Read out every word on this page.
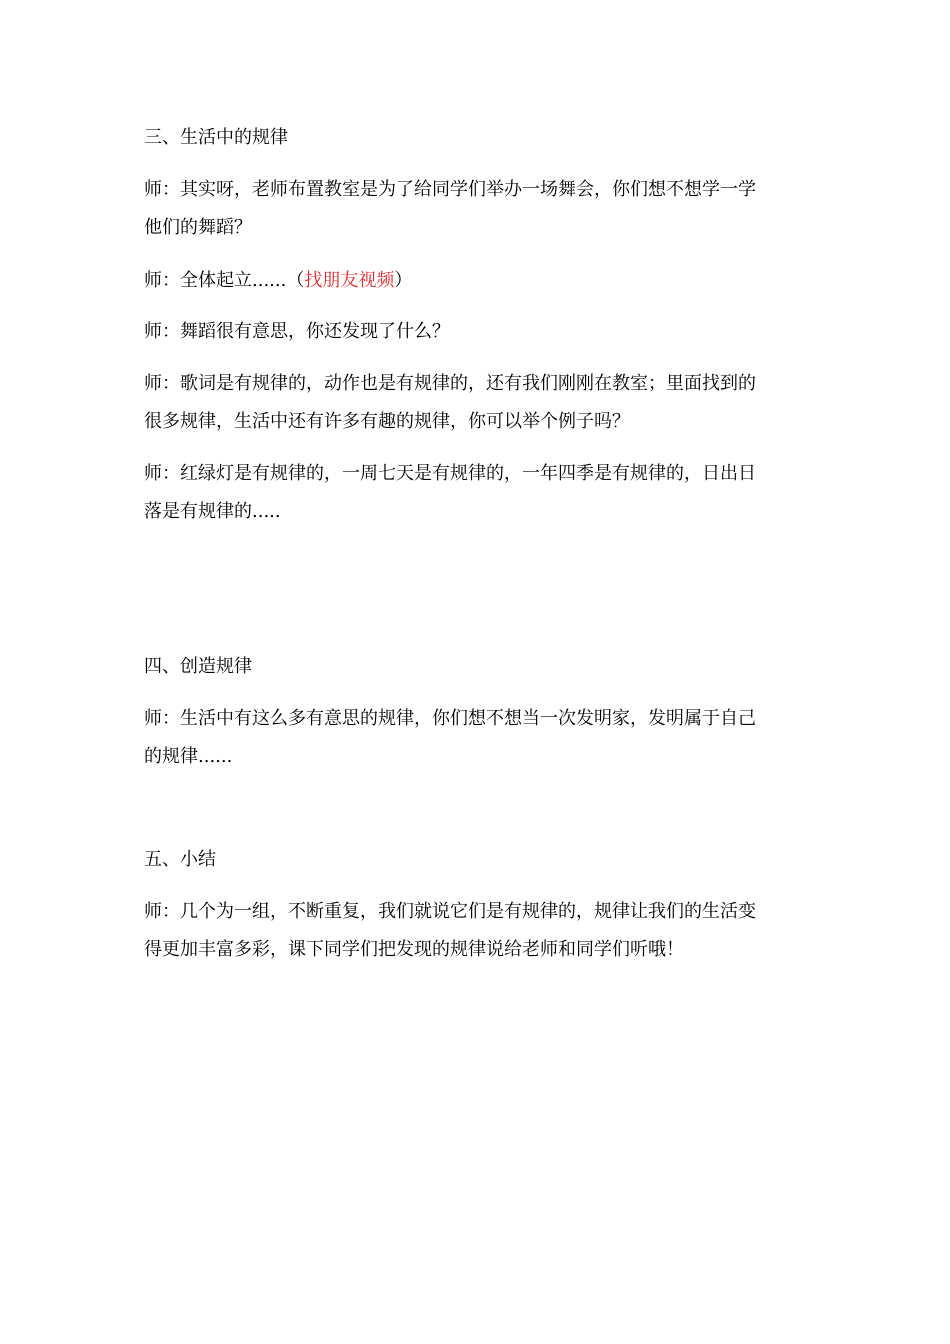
三、生活中的规律
师：其实呀，老师布置教室是为了给同学们举办一场舞会，你们想不想学一学
他们的舞蹈？
师：全体起立......（找朋友视频）
师：舞蹈很有意思，你还发现了什么？
师：歌词是有规律的，动作也是有规律的，还有我们刚刚在教室；里面找到的
很多规律，生活中还有许多有趣的规律，你可以举个例子吗？
师：红绿灯是有规律的，一周七天是有规律的，一年四季是有规律的，日出日
落是有规律的.....
四、创造规律
师：生活中有这么多有意思的规律，你们想不想当一次发明家，发明属于自己
的规律......
五、小结
师：几个为一组，不断重复，我们就说它们是有规律的，规律让我们的生活变
得更加丰富多彩，课下同学们把发现的规律说给老师和同学们听哦！
